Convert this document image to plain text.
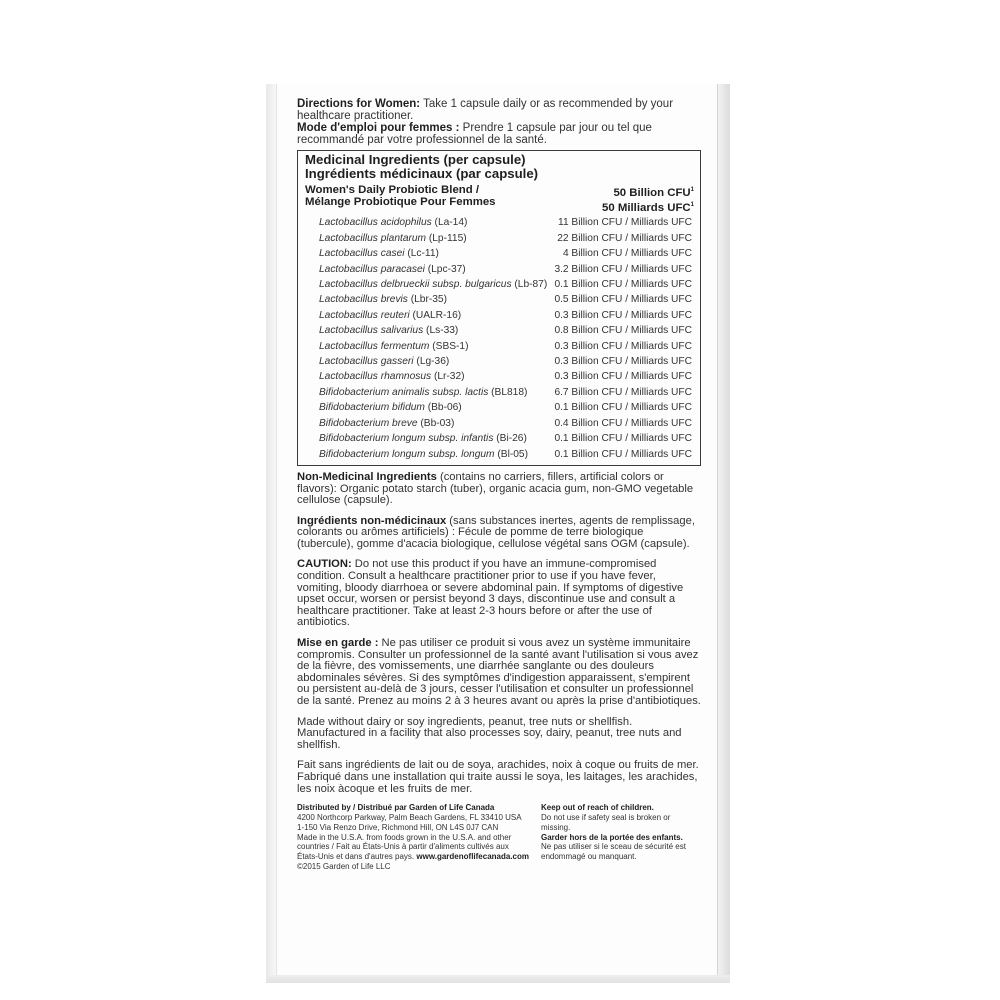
Directions for Women: Take 1 capsule daily or as recommended by your healthcare practitioner.

Mode d'emploi pour femmes : Prendre 1 capsule par jour ou tel que recommandé par votre professionnel de la santé.

Medicinal Ingredients (per capsule)
Ingrédients médicinaux (par capsule)
Women's Daily Probiotic Blend /
Mélange Probiotique Pour Femmes
50 Billion CFU$^1$
50 Milliards UFC$^1$
Lactobacillus acidophilus (La-14)	11 Billion CFU / Milliards UFC
Lactobacillus plantarum (Lp-115)	22 Billion CFU / Milliards UFC
Lactobacillus casei (Lc-11)	4 Billion CFU / Milliards UFC
Lactobacillus paracasei (Lpc-37)	3.2 Billion CFU / Milliards UFC
Lactobacillus delbrueckii subsp. bulgaricus (Lb-87) 0.1 Billion CFU / Milliards UFC
Lactobacillus brevis (Lbr-35)	0.5 Billion CFU / Milliards UFC
Lactobacillus reuteri (UALR-16)	0.3 Billion CFU / Milliards UFC
Lactobacillus salivarius (Ls-33)	0.8 Billion CFU / Milliards UFC
Lactobacillus fermentum (SBS-1)	0.3 Billion CFU / Milliards UFC
Lactobacillus gasseri (Lg-36)	0.3 Billion CFU / Milliards UFC
Lactobacillus rhamnosus (Lr-32)	0.3 Billion CFU / Milliards UFC
Bifidobacterium animalis subsp. lactis (BL818)	6.7 Billion CFU / Milliards UFC
Bifidobacterium bifidum (Bb-06)	0.1 Billion CFU / Milliards UFC
Bifidobacterium breve (Bb-03)	0.4 Billion CFU / Milliards UFC
Bifidobacterium longum subsp. infantis (Bi-26)	0.1 Billion CFU / Milliards UFC
Bifidobacterium longum subsp. longum (Bl-05)	0.1 Billion CFU / Milliards UFC

Non-Medicinal Ingredients (contains no carriers, fillers, artificial colors or flavors): Organic potato starch (tuber), organic acacia gum, non-GMO vegetable cellulose (capsule).

Ingrédients non-médicinaux (sans substances inertes, agents de remplissage, colorants ou arômes artificiels) : Fécule de pomme de terre biologique (tubercule), gomme d'acacia biologique, cellulose végétal sans OGM (capsule).

CAUTION: Do not use this product if you have an immune-compromised condition. Consult a healthcare practitioner prior to use if you have fever, vomiting, bloody diarrhoea or severe abdominal pain. If symptoms of digestive upset occur, worsen or persist beyond 3 days, discontinue use and consult a healthcare practitioner. Take at least 2-3 hours before or after the use of antibiotics.

Mise en garde : Ne pas utiliser ce produit si vous avez un système immunitaire compromis. Consulter un professionnel de la santé avant l'utilisation si vous avez de la fièvre, des vomissements, une diarrhée sanglante ou des douleurs abdominales sévères. Si des symptômes d'indigestion apparaissent, s'empirent ou persistent au-delà de 3 jours, cesser l'utilisation et consulter un professionnel de la santé. Prenez au moins 2 à 3 heures avant ou après la prise d'antibiotiques.

Made without dairy or soy ingredients, peanut, tree nuts or shellfish. Manufactured in a facility that also processes soy, dairy, peanut, tree nuts and shellfish.

Fait sans ingrédients de lait ou de soya, arachides, noix à coque ou fruits de mer. Fabriqué dans une installation qui traite aussi le soya, les laitages, les arachides, les noix àcoque et les fruits de mer.

Distributed by / Distribué par Garden of Life Canada
4200 Northcorp Parkway, Palm Beach Gardens, FL 33410 USA
1-150 Via Renzo Drive, Richmond Hill, ON L4S 0J7 CAN
Made in the U.S.A. from foods grown in the U.S.A. and other
countries / Fait au États-Unis à partir d'aliments cultivés aux
États-Unis et dans d'autres pays. www.gardenoflifecanada.com
©2015 Garden of Life LLC
Keep out of reach of children.
Do not use if safety seal is broken or missing.
Garder hors de la portée des enfants.
Ne pas utiliser si le sceau de sécurité est endommagé ou manquant.
